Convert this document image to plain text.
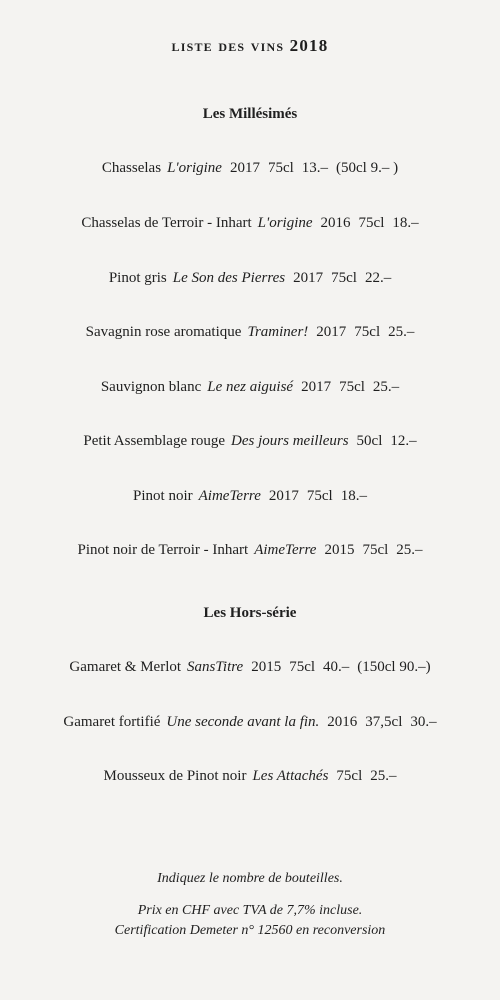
liste des vins 2018
Les Millésimés
Chasselas L'origine 2017 75cl 13.– (50cl 9.– )
Chasselas de Terroir - Inhart L'origine 2016 75cl 18.–
Pinot gris Le Son des Pierres 2017 75cl 22.–
Savagnin rose aromatique Traminer! 2017 75cl 25.–
Sauvignon blanc Le nez aiguisé 2017 75cl 25.–
Petit Assemblage rouge Des jours meilleurs 50cl 12.–
Pinot noir AimeTerre 2017 75cl 18.–
Pinot noir de Terroir - Inhart AimeTerre 2015 75cl 25.–
Les Hors-série
Gamaret & Merlot SansTitre 2015 75cl 40.– (150cl 90.–)
Gamaret fortifié Une seconde avant la fin. 2016 37,5cl 30.–
Mousseux de Pinot noir Les Attachés 75cl 25.–
Indiquez le nombre de bouteilles.
Prix en CHF avec TVA de 7,7% incluse.
Certification Demeter n° 12560 en reconversion
